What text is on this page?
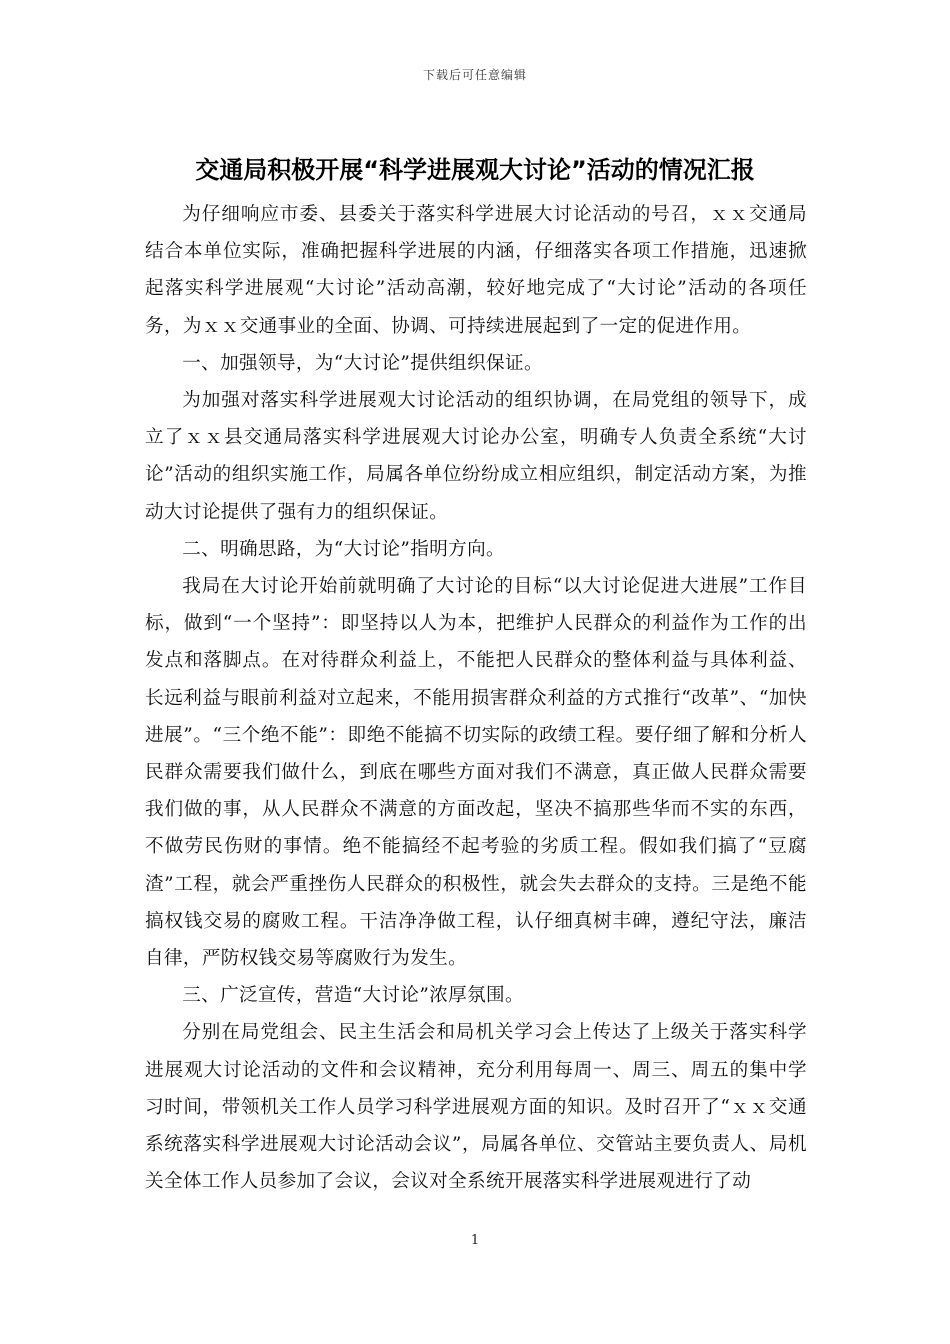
下载后可任意编辑
交通局积极开展“科学进展观大讨论”活动的情况汇报

为仔细响应市委、县委关于落实科学进展大讨论活动的号召，ｘｘ交通局结合本单位实际，准确把握科学进展的内涵，仔细落实各项工作措施，迅速掀起落实科学进展观“大讨论”活动高潮，较好地完成了“大讨论”活动的各项任务，为ｘｘ交通事业的全面、协调、可持续进展起到了一定的促进作用。

一、加强领导，为“大讨论”提供组织保证。

为加强对落实科学进展观大讨论活动的组织协调，在局党组的领导下，成立了ｘｘ县交通局落实科学进展观大讨论办公室，明确专人负责全系统“大讨论”活动的组织实施工作，局属各单位纷纷成立相应组织，制定活动方案，为推动大讨论提供了强有力的组织保证。

二、明确思路，为“大讨论”指明方向。

我局在大讨论开始前就明确了大讨论的目标“以大讨论促进大进展”工作目标，做到“一个坚持”：即坚持以人为本，把维护人民群众的利益作为工作的出发点和落脚点。在对待群众利益上，不能把人民群众的整体利益与具体利益、长远利益与眼前利益对立起来，不能用损害群众利益的方式推行“改革”、“加快进展”。“三个绝不能”：即绝不能搞不切实际的政绩工程。要仔细了解和分析人民群众需要我们做什么，到底在哪些方面对我们不满意，真正做人民群众需要我们做的事，从人民群众不满意的方面改起，坚决不搞那些华而不实的东西，不做劳民伤财的事情。绝不能搞经不起考验的劣质工程。假如我们搞了“豆腐渣”工程，就会严重挫伤人民群众的积极性，就会失去群众的支持。三是绝不能搞权钱交易的腐败工程。干洁净净做工程，认仔细真树丰碑，遵纪守法，廉洁自律，严防权钱交易等腐败行为发生。

三、广泛宣传，营造“大讨论”浓厚氛围。

分别在局党组会、民主生活会和局机关学习会上传达了上级关于落实科学进展观大讨论活动的文件和会议精神，充分利用每周一、周三、周五的集中学习时间，带领机关工作人员学习科学进展观方面的知识。及时召开了“ｘｘ交通系统落实科学进展观大讨论活动会议”，局属各单位、交管站主要负责人、局机关全体工作人员参加了会议，会议对全系统开展落实科学进展观进行了动

1
